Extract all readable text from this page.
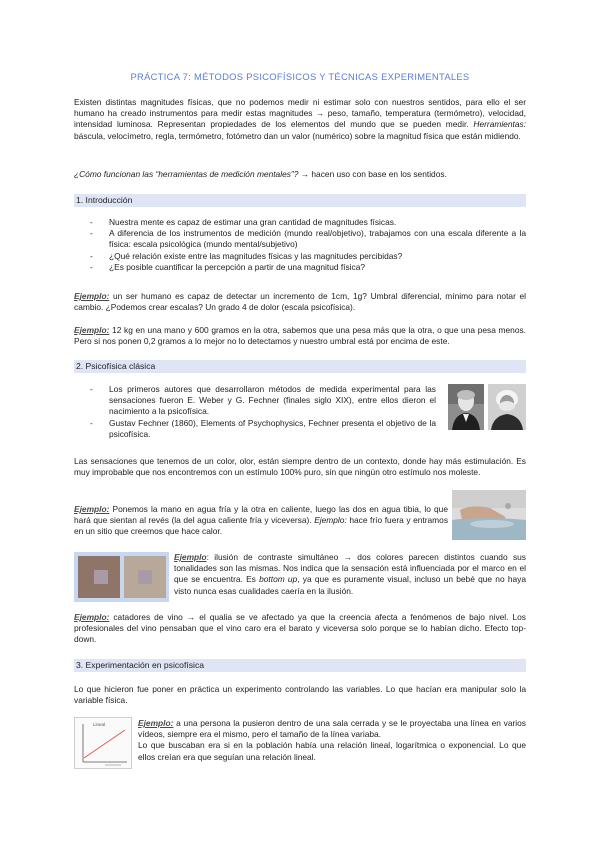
PRÁCTICA 7: MÉTODOS PSICOFÍSICOS Y TÉCNICAS EXPERIMENTALES
Existen distintas magnitudes físicas, que no podemos medir ni estimar solo con nuestros sentidos, para ello el ser humano ha creado instrumentos para medir estas magnitudes → peso, tamaño, temperatura (termómetro), velocidad, intensidad luminosa. Representan propiedades de los elementos del mundo que se pueden medir. Herramientas: báscula, velocímetro, regla, termómetro, fotómetro dan un valor (numérico) sobre la magnitud física que están midiendo.
¿Cómo funcionan las “herramientas de medición mentales”? → hacen uso con base en los sentidos.
1. Introducción
- Nuestra mente es capaz de estimar una gran cantidad de magnitudes físicas.
- A diferencia de los instrumentos de medición (mundo real/objetivo), trabajamos con una escala diferente a la física: escala psicológica (mundo mental/subjetivo)
- ¿Qué relación existe entre las magnitudes físicas y las magnitudes percibidas?
- ¿Es posible cuantificar la percepción a partir de una magnitud física?
Ejemplo: un ser humano es capaz de detectar un incremento de 1cm, 1g? Umbral diferencial, mínimo para notar el cambio. ¿Podemos crear escalas? Un grado 4 de dolor (escala psicofísica).
Ejemplo: 12 kg en una mano y 600 gramos en la otra, sabemos que una pesa más que la otra, o que una pesa menos. Pero si nos ponen 0,2 gramos a lo mejor no lo detectamos y nuestro umbral está por encima de este.
2. Psicofísica clásica
- Los primeros autores que desarrollaron métodos de medida experimental para las sensaciones fueron E. Weber y G. Fechner (finales siglo XIX), entre ellos dieron el nacimiento a la psicofísica.
- Gustav Fechner (1860), Elements of Psychophysics, Fechner presenta el objetivo de la psicofísica.
Las sensaciones que tenemos de un color, olor, están siempre dentro de un contexto, donde hay más estimulación. Es muy improbable que nos encontremos con un estímulo 100% puro, sin que ningún otro estímulo nos moleste.
Ejemplo: Ponemos la mano en agua fría y la otra en caliente, luego las dos en agua tibia, lo que hará que sientan al revés (la del agua caliente fría y viceversa). Ejemplo: hace frío fuera y entramos en un sitio que creemos que hace calor.
Ejemplo: ilusión de contraste simultáneo → dos colores parecen distintos cuando sus tonalidades son las mismas. Nos indica que la sensación está influenciada por el marco en el que se encuentra. Es bottom up, ya que es puramente visual, incluso un bebé que no haya visto nunca esas cualidades caería en la ilusión.
Ejemplo: catadores de vino → el qualia se ve afectado ya que la creencia afecta a fenómenos de bajo nivel. Los profesionales del vino pensaban que el vino caro era el barato y viceversa solo porque se lo habían dicho. Efecto top-down.
3. Experimentación en psicofísica
Lo que hicieron fue poner en práctica un experimento controlando las variables. Lo que hacían era manipular solo la variable física.
Lineal	Ejemplo: a una persona la pusieron dentro de una sala cerrada y se le proyectaba una línea en varios vídeos, siempre era el mismo, pero el tamaño de la línea variaba.
Lo que buscaban era si en la población había una relación lineal, logarítmica o exponencial. Lo que ellos creían era que seguían una relación lineal.
